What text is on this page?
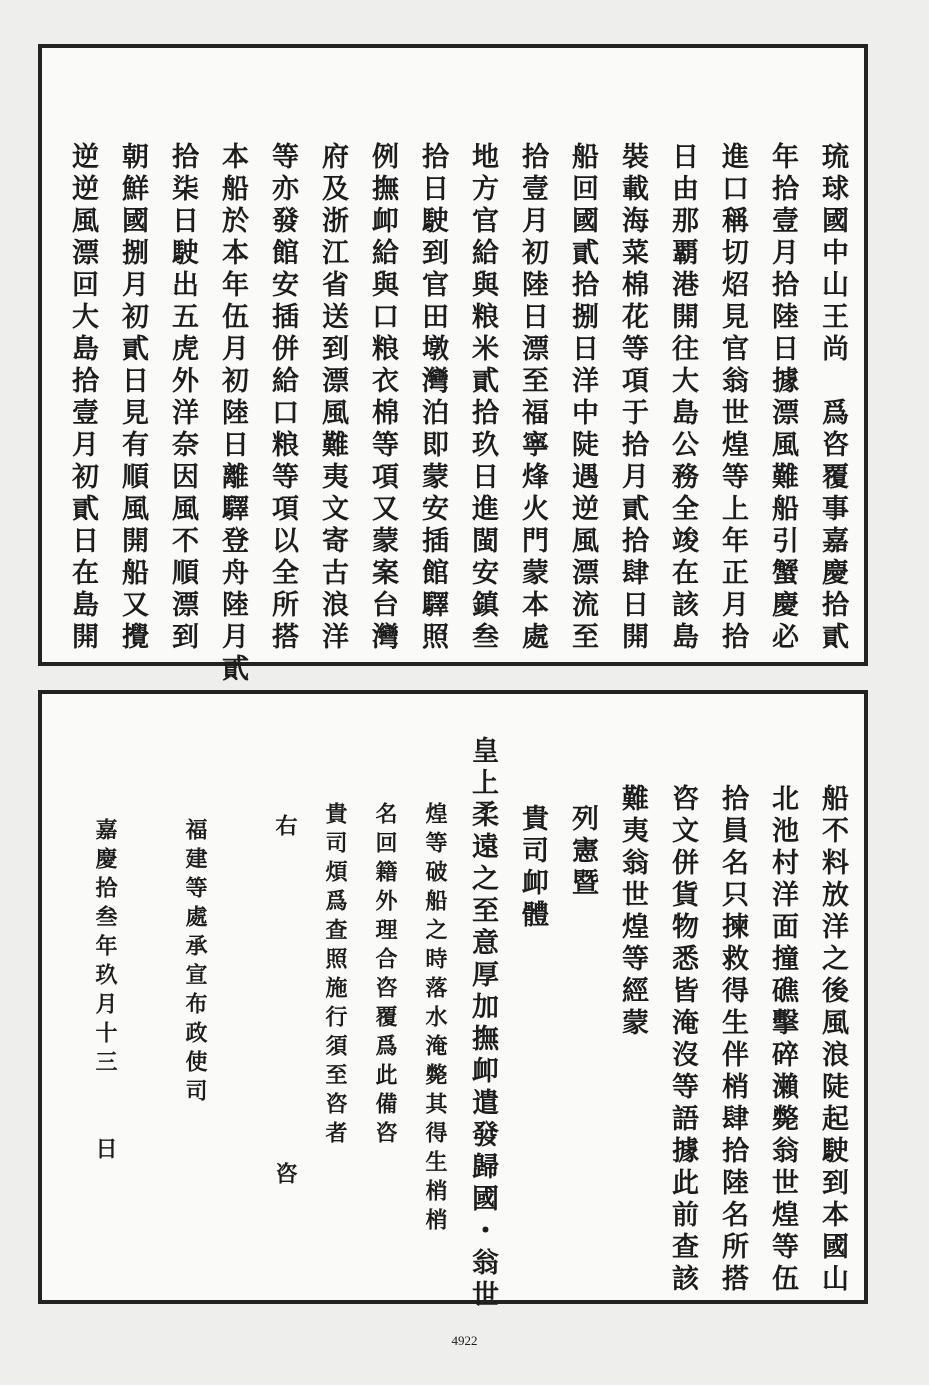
琉球國中山王尚　爲咨覆事嘉慶拾貳
年拾壹月拾陸日據漂風難船引蟹慶必
進口稱切炤見官翁世煌等上年正月拾
日由那覇港開往大島公務全竣在該島
裝載海菜棉花等項于拾月貳拾肆日開
船回國貳拾捌日洋中陡遇逆風漂流至
拾壹月初陸日漂至福寧烽火門蒙本處
地方官給與粮米貳拾玖日進閩安鎮叁
拾日駛到官田墩灣泊即蒙安插館驛照
例撫卹給與口粮衣棉等項又蒙案台灣
府及浙江省送到漂風難夷文寄古浪洋
等亦發館安插併給口粮等項以全所搭
本船於本年伍月初陸日離驛登舟陸月貳
拾柒日駛出五虎外洋奈因風不順漂到
朝鮮國捌月初貳日見有順風開船又攪
逆逆風漂回大島拾壹月初貳日在島開
船不料放洋之後風浪陡起駛到本國山
北池村洋面撞礁擊碎瀨斃翁世煌等伍
拾員名只揀救得生伴梢肆拾陸名所搭
咨文併貨物悉皆淹沒等語據此前查該
難夷翁世煌等經蒙
列憲暨
貴司卹體
皇上柔遠之至意厚加撫卹遣發歸國・翁世
煌等破船之時落水淹斃其得生梢梢
名回籍外理合咨覆爲此備咨
貴司煩爲查照施行須至咨者
右　　　　　　　　　　　咨
福建等處承宣布政使司
嘉慶拾叁年玖月十三　　日
4922
